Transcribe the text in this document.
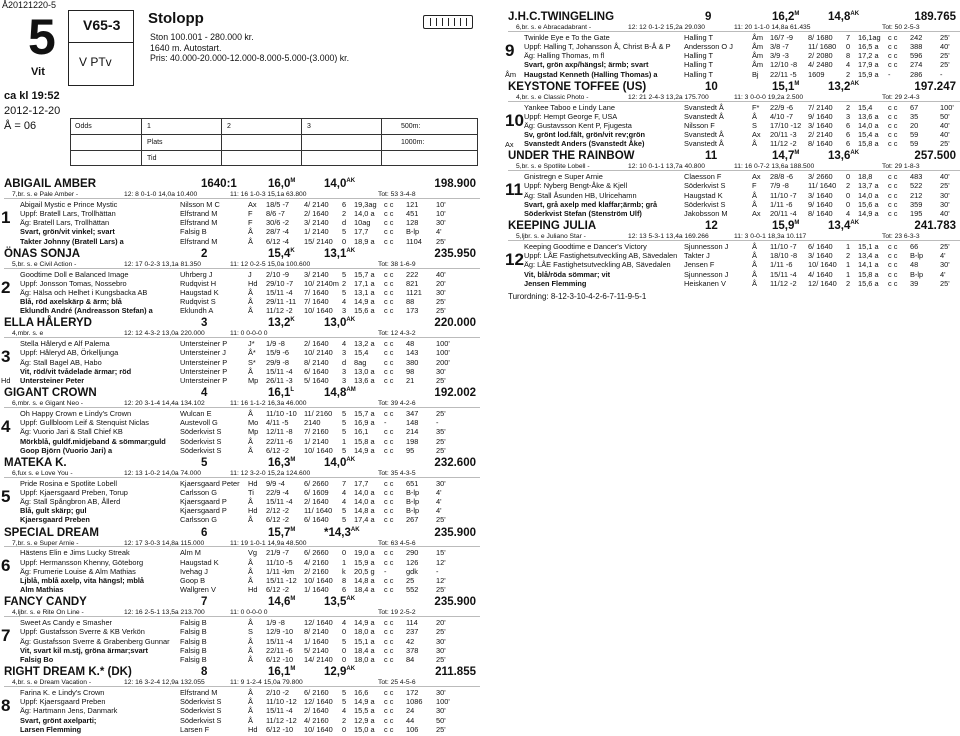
Å20121220-5
5
Vit
V65-3
V PTv
Stolopp
Ston 100.001 - 280.000 kr.
1640 m. Autostart.
Pris: 40.000-20.000-12.000-8.000-5.000-(3.000) kr.
ca kl 19:52
2012-12-20
Å = 06	Odds	1	2	3	500m:
Plats	1000m:
Tid
ABIGAIL AMBER	1640:1	$16,0^M$ $14,0^{AK}$	198.900
7,br. s. e Pale Amber -	12: 8 0-1-0 14,0a 10.400	11: 16 1-0-3 15,1a 63.800	Tot: 53 3-4-8
Abigail Mystic e Prince Mystic	Nilsson M C	Ax 18/5 -7 4/ 2140 6 19,3ag c c 121 10'
Uppf: Bratell Lars, Trollhättan	Elfstrand M	F 8/6 -7	2/ 1640 2 14,0 a c c 451 10'
Äg: Bratell Lars, Trollhättan	Elfstrand M	F 30/6 -2 3/ 2140 d 10ag c c 128 30'
Svart, grön/vit vinkel; svart	Falsig B	Å 28/7 -4 1/ 2140 5 17,7 c c B-lp 4'
Takter Johnny (Bratell Lars) a	Elfstrand M	Å 6/12 -4 15/ 2140 0 18,9 a c c 1104 25'
1
ÖNAS SONJA	2	$15,4^K$	$13,1^{AK}$	235.950
5,br. s. e Civil Action -	12: 17 0-2-3 13,1a 81.350	11: 12 0-2-5 15,0a 100.600	Tot: 38 1-6-9
Goodtime Doll e Balanced Image	Uhrberg J	J 2/10 -9 3/ 2140 5 15,7 a c c 222 40'
Uppf: Jonsson Tomas, Nossebro	Rudqvist H	Hd 29/10 -7 10/ 2140m 2 17,1 a c c 821 20'
Äg: Hälsa och Helhet i Kungsbacka AB	Haugstad K	Å 15/11 -4 7/ 1640 5 13,1 a c c 1121 30'
Blå, röd axelskärp & ärm; blå	Rudqvist S	Å 29/11 -11 7/ 1640 4 14,9 a c c 88	25'
Eklundh André (Andreasson Stefan) a	Eklundh A	Å 11/12 -2 10/ 1640 3 15,6 a c c 173 25'
2
ELLA HÅLERYD	3	$13,2^K$	$13,0^{AK}$	220.000
4,mbr. s. e	12: 12 4-3-2 13,0a 220.000	11: 0 0-0-0 0	Tot: 12 4-3-2
Stella Håleryd e Alf Palema	Untersteiner P	J* 1/9 -8	2/ 1640 4 13,2 a c c 48	100'
Uppf: Håleryd AB, Örkelljunga	Untersteiner J	Å* 15/9 -6 10/ 2140 3 15,4 c c 143 100'
Äg: Stall Bagel AB, Habo	Untersteiner P	S* 29/9 -8 8/ 2140 d 8ag c c 380 200'
Vit, röd/vit tvådelade ärmar; röd	Untersteiner P	Å 15/11 -4 6/ 1640 3 13,0 a c c 98	30'
Untersteiner Peter	Untersteiner P	Mp 26/11 -3 5/ 1640 3 13,6 a c c 21	25'
3
Hd
GIGANT CROWN	4	$16,1^L$	$14,8^{AM}$	192.002
6,mbr. s. e Gigant Neo -	12: 20 3-1-4 14,4a 134.102	11: 16 1-1-2 16,3a 46.000	Tot: 39 4-2-6
Oh Happy Crown e Lindy's Crown	Wulcan E	Å 11/10 -10 11/ 2160 5 15,7 a c c 347 25'
Uppf: Gullbloom Leif & Stenquist Niclas	Austevoll G	Mo 4/11 -5 2140	5 16,9 a -	148 -
Äg: Vuorio Jari & Stall Chief KB	Söderkvist S	Mp 12/11 -8 7/ 2160 5 16,1 c c 214 35'
Mörkblå, guldf.midjeband & sömmar;guld Söderkvist S	Å 22/11 -6 1/ 2140 1 15,8 a c c 198 25'
Goop Björn (Vuorio Jari) a	Söderkvist S	Å 6/12 -2 10/ 1640 5 14,9 a c c 95	25'
4
MATEKA K.	5	$16,3^M$ $14,0^{AK}$	232.600
6,fux s. e Love You -	12: 13 1-0-2 14,0a 74.000	11: 12 3-2-0 15,2a 124.600	Tot: 35 4-3-5
Pride Rosina e Spotlite Lobell	Kjaersgaard Peter Hd 9/9 -4	6/ 2660 7 17,7 c c 651 30'
Uppf: Kjaersgaard Preben, Torup	Carlsson G	Ti 22/9 -4 6/ 1609 4 14,0 a c c B-lp 4'
Äg: Stall Spångbron AB, Ållerd	Kjaersgaard P	Å 15/11 -4 2/ 1640 4 14,0 a c c B-lp 4'
Blå, gult skärp; gul	Kjaersgaard P	Hd 2/12 -2 11/ 1640 5 14,8 a c c B-lp 4'
Kjaersgaard Preben	Carlsson G	Å 6/12 -2 6/ 1640 5 17,4 a c c 267 25'
5
SPECIAL DREAM	6	$15,7^M$ $*14,3^{AK}$	235.900
7,br. s. e Super Arnie -	12: 17 3-0-3 14,8a 115.000	11: 19 1-0-1 14,9a 48.500	Tot: 63 4-5-6
Hästens Elin e Jims Lucky Streak	Alm M	Vg 21/9 -7 6/ 2660 0 19,0 a c c 290 15'
Uppf: Hermansson Khenny, Göteborg	Haugstad K	Å 11/10 -5 4/ 2160 1 15,9 a c c 126 12'
Äg: Frumerie Louise & Alm Mathias	Ivehag J	Å 1/11 -km 2/ 2160 k 20,5 g -	gdk -
Ljblå, mblå axelp, vita hängsl; mblå	Goop B	Å 15/11 -12 10/ 1640 8 14,8 a c c 25	12'
Alm Mathias	Wallgren V	Hd 6/12 -2 1/ 1640 6 18,4 a c c 552 25'
6
FANCY CANDY	7	$14,6^M$ $13,5^{AK}$	235.900
4,ljbr. s. e Rite On Line -	12: 16 2-5-1 13,5a 213.700	11: 0 0-0-0 0	Tot: 19 2-5-2
Sweet As Candy e Smasher	Falsig B	Å 1/9 -8	12/ 1640 4 14,9 a c c 114 20'
Uppf: Gustafsson Sverre & KB Verkön	Falsig B	S 12/9 -10 8/ 2140 0 18,0 a c c 237 25'
Äg: Gustafsson Sverre & Grabenberg Gunnar Falsig B	Å 15/11 -4 1/ 1640 5 15,1 a c c 42	30'
Vit, svart kil m.stj, gröna ärmar;svart	Falsig B	Å 22/11 -6 5/ 2140 0 18,4 a c c 378 30'
Falsig Bo	Falsig B	Å 6/12 -10 14/ 2140 0 18,0 a c c 84	25'
7
RIGHT DREAM K.* (DK)	8	$16,1^M$ $12,9^{AK}$	211.855
4,br. s. e Dream Vacation -	12: 16 3-2-4 12,9a 132.055	11: 9 1-2-4 15,0a 79.800	Tot: 25 4-5-6
Farina K. e Lindy's Crown	Elfstrand M	Å 2/10 -2 6/ 2160 5 16,6 c c 172 30'
Uppf: Kjaersgaard Preben	Söderkvist S	Å 11/10 -12 12/ 1640 5 14,9 a c c 1086 100'
Äg: Hartmann Jens, Danmark	Söderkvist S	Å 15/11 -4 2/ 1640 4 15,5 a c c 24	30'
Svart, grönt axelparti;	Söderkvist S	Å 11/12 -12 4/ 2160 2 12,9 a c c 44	50'
Larsen Flemming	Larsen F	Hd 6/12 -10 10/ 1640 0 15,0 a c c 106 25'
8
J.H.C.TWINGELING	9	$16,2^M$ $14,8^{AK}$	189.765
6,br. s. e Abracadabrant -	12: 12 0-1-2 15,2a 29.030	11: 20 1-1-0 14,8a 61.435	Tot: 50 2-5-3
Twinkle Eye e To the Gate	Halling T	Åm 16/7 -9 8/ 1680 7 16,1ag c c 242 25'
Uppf: Halling T, Johansson Å, Christ B-Å & P Andersson O J	Åm 3/8 -7	11/ 1680 0 16,5 a c c 388 40'
Äg: Halling Thomas, m fl	Halling T	Åm 3/9 -3	2/ 2080 8 17,2 a c c 596 25'
Svart, grön axp/hängsl; ärmb; svart	Halling T	Åm 12/10 -8 4/ 2480 4 17,9 a c c 274 25'
Haugstad Kenneth (Halling Thomas) a	Halling T	Bj 22/11 -5 1609	2 15,9 a -	286 -
9
Åm
KEYSTONE TOFFEE (US)	10	$15,1^M$ $13,2^{AK}$	197.247
4,br. s. e Classic Photo -	12: 21 2-4-3 13,2a 175.700	11: 3 0-0-0 19,2a 2.500	Tot: 29 2-4-3
Yankee Taboo e Lindy Lane	Svanstedt Å	F* 22/9 -6 7/ 2140 2 15,4 c c 67	100'
Uppf: Hempt George F, USA	Svanstedt Å	Å 4/10 -7 9/ 1640 3 13,6 a c c 35	50'
Äg: Gustavsson Kent P, Fjugesta	Nilsson F	S 17/10 -12 3/ 1640 6 14,0 a c c 20	40'
Sv, grönt lod.fält, grön/vit rev;grön	Svanstedt Å	Ax 20/11 -3 2/ 2140 6 15,4 a c c 59	40'
Svanstedt Anders (Svanstedt Åke)	Svanstedt Å	Å 11/12 -2 8/ 1640 6 15,8 a c c 59	25'
10
Ax
UNDER THE RAINBOW	11	$14,7^M$ $13,6^{AK}$	257.500
5,br. s. e Spotlite Lobell -	12: 10 0-1-1 13,7a 40.800	11: 16 0-7-2 13,6a 188.500	Tot: 29 1-8-3
Gnistregn e Super Arnie	Claesson F	Ax 28/8 -6 3/ 2660 0 18,8 c c 483 40'
Uppf: Nyberg Bengt-Åke & Kjell	Söderkvist S	F 7/9 -8	11/ 1640 2 13,7 a c c 522 25'
Äg: Stall Åsunden HB, Ulricehamn	Haugstad K	Å 11/10 -7 3/ 1640 0 14,0 a c c 212 30'
Svart, grå axelp med klaffar;ärmb; grå	Söderkvist S	Å 1/11 -6 9/ 1640 0 15,6 a c c 359 30'
Söderkvist Stefan (Stenström Ulf)	Jakobsson M	Ax 20/11 -4 8/ 1640 4 14,9 a c c 195 40'
11
KEEPING JULIA	12	$15,9^M$ $13,4^{AK}$	241.783
5,ljbr. s. e Juliano Star -	12: 13 5-3-1 13,4a 169.266	11: 3 0-0-1 18,3a 10.117	Tot: 23 6-3-3
Keeping Goodtime e Dancer's Victory	Sjunnesson J	Å 11/10 -7 6/ 1640 1 15,1 a c c 66	25'
Uppf: LÅE Fastighetsutveckling AB, Sävedalen Takter J	Å 18/10 -8 3/ 1640 2 13,4 a c c B-lp 4'
Äg: LÅE Fastighetsutveckling AB, Sävedalen Jensen F	Å 1/11 -6 10/ 1640 1 14,1 a c c 48	30'
Vit, blå/röda sömmar; vit	Sjunnesson J	Å 15/11 -4 4/ 1640 1 15,8 a c c B-lp 4'
Jensen Flemming	Heiskanen V	Å 11/12 -2 12/ 1640 2 15,6 a c c 39	25'
12
Turordning: 8-12-3-10-4-2-6-7-11-9-5-1
